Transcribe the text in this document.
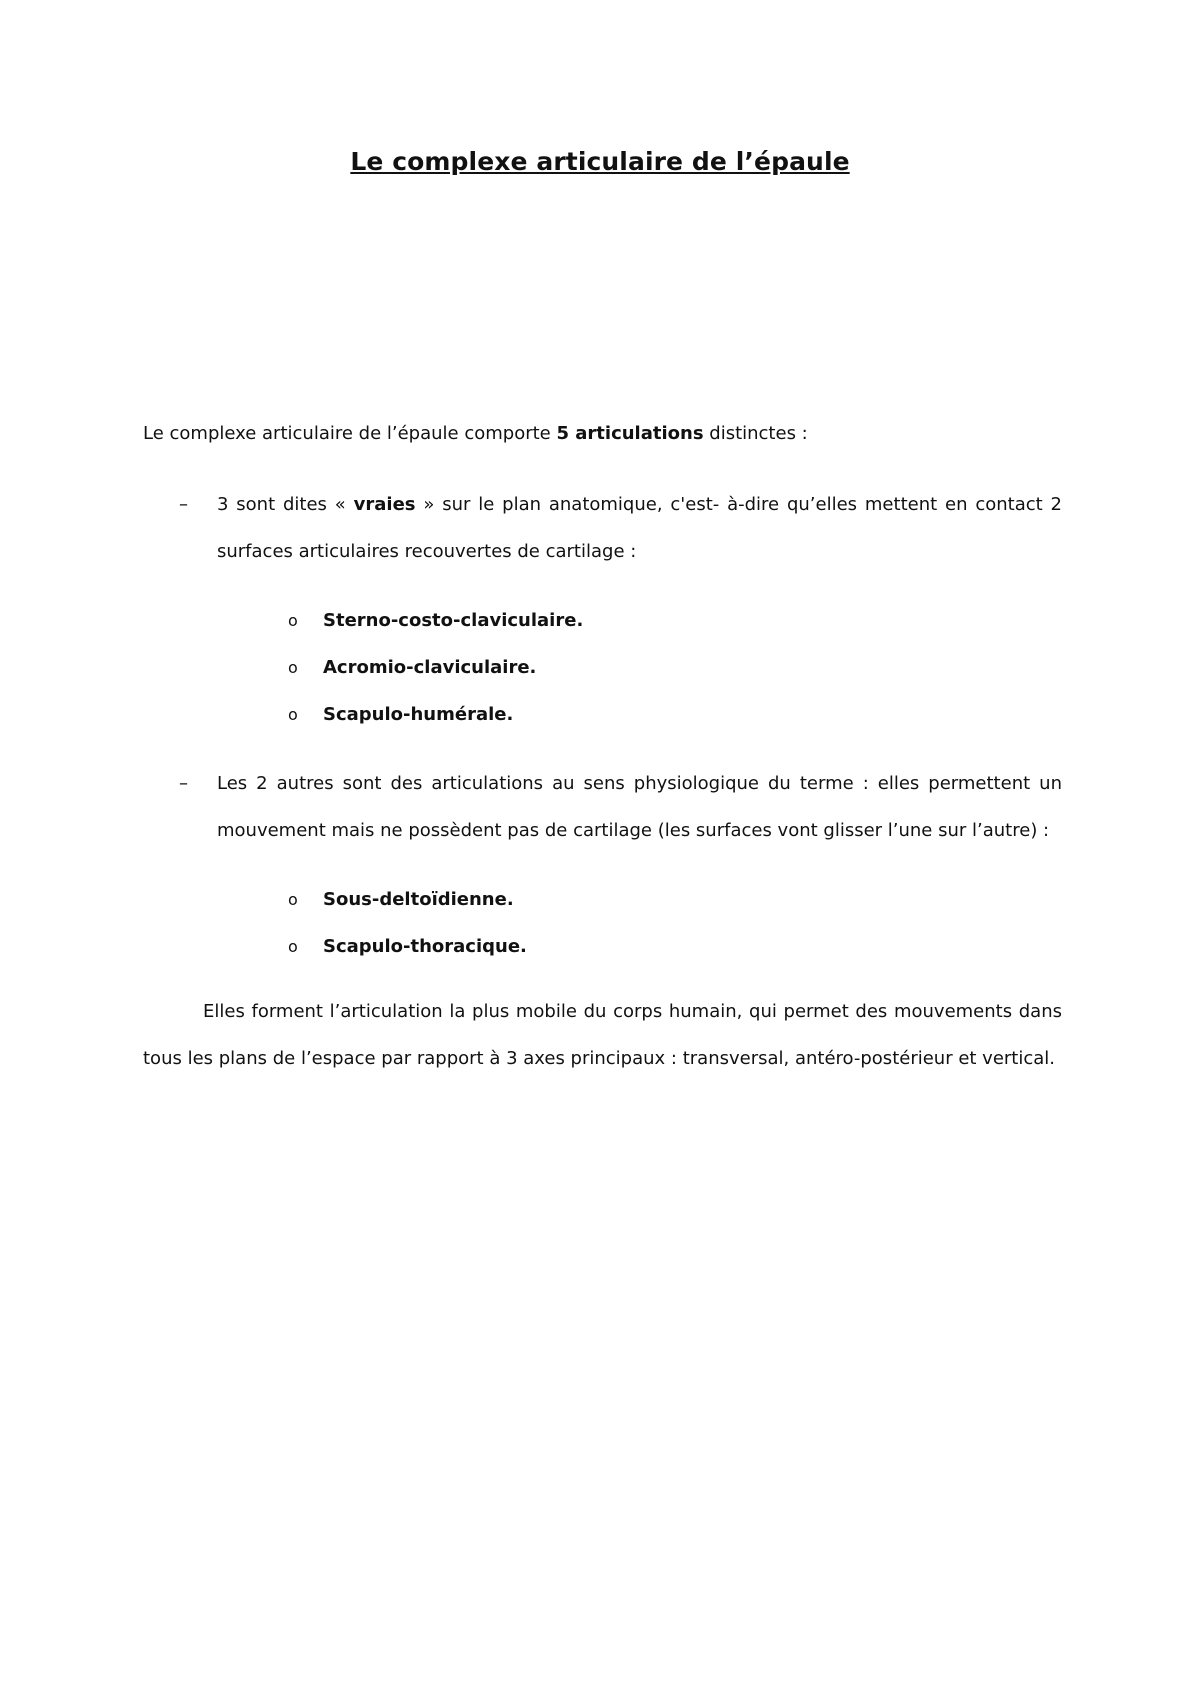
Le complexe articulaire de l’épaule

Le complexe articulaire de l’épaule comporte 5 articulations distinctes :

– 3 sont dites « vraies » sur le plan anatomique, c'est- à-dire qu’elles mettent en contact 2 surfaces articulaires recouvertes de cartilage :
o Sterno-costo-claviculaire.
o Acromio-claviculaire.
o Scapulo-humérale.
– Les 2 autres sont des articulations au sens physiologique du terme : elles permettent un mouvement mais ne possèdent pas de cartilage (les surfaces vont glisser l’une sur l’autre) :
o Sous-deltoïdienne.
o Scapulo-thoracique.

Elles forment l’articulation la plus mobile du corps humain, qui permet des mouvements dans tous les plans de l’espace par rapport à 3 axes principaux : transversal, antéro-postérieur et vertical.
